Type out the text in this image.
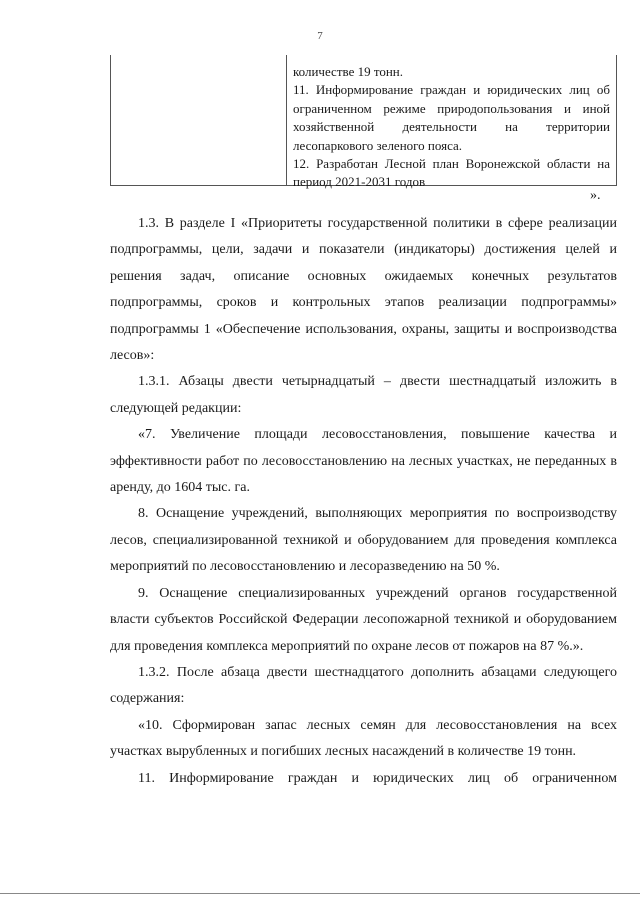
7

количестве 19 тонн.

11. Информирование граждан и юридических лиц об ограниченном режиме природопользования и иной хозяйственной деятельности на территории лесопаркового зеленого пояса.

12. Разработан Лесной план Воронежской области на период 2021-2031 годов

».

1.3. В разделе I «Приоритеты государственной политики в сфере реализации подпрограммы, цели, задачи и показатели (индикаторы) достижения целей и решения задач, описание основных ожидаемых конечных результатов подпрограммы, сроков и контрольных этапов реализации подпрограммы» подпрограммы 1 «Обеспечение использования, охраны, защиты и воспроизводства лесов»:

1.3.1. Абзацы двести четырнадцатый – двести шестнадцатый изложить в следующей редакции:

«7. Увеличение площади лесовосстановления, повышение качества и эффективности работ по лесовосстановлению на лесных участках, не переданных в аренду, до 1604 тыс. га.

8. Оснащение учреждений, выполняющих мероприятия по воспроизводству лесов, специализированной техникой и оборудованием для проведения комплекса мероприятий по лесовосстановлению и лесоразведению на 50 %.

9. Оснащение специализированных учреждений органов государственной власти субъектов Российской Федерации лесопожарной техникой и оборудованием для проведения комплекса мероприятий по охране лесов от пожаров на 87 %.».

1.3.2. После абзаца двести шестнадцатого дополнить абзацами следующего содержания:

«10. Сформирован запас лесных семян для лесовосстановления на всех участках вырубленных и погибших лесных насаждений в количестве 19 тонн.

11. Информирование граждан и юридических лиц об ограниченном
